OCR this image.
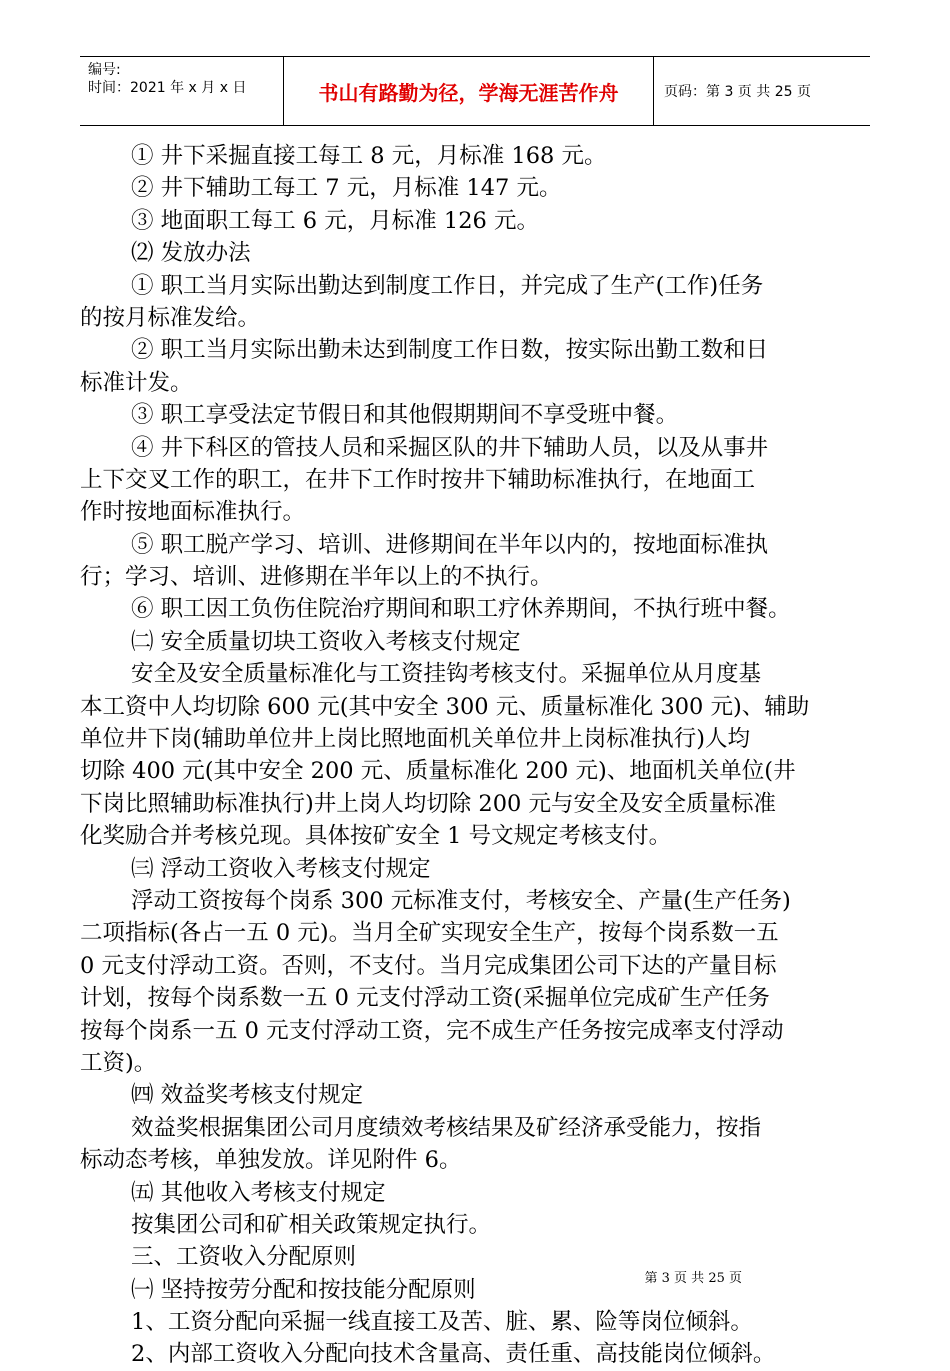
编号:
时间：2021 年 x 月 x 日	书山有路勤为径，学海无涯苦作舟	页码：第 3 页 共 25 页
① 井下采掘直接工每工 8 元，月标准 168 元。
② 井下辅助工每工 7 元，月标准 147 元。
③ 地面职工每工 6 元，月标准 126 元。
⑵ 发放办法
① 职工当月实际出勤达到制度工作日，并完成了生产(工作)任务
的按月标准发给。
② 职工当月实际出勤未达到制度工作日数，按实际出勤工数和日
标准计发。
③ 职工享受法定节假日和其他假期期间不享受班中餐。
④ 井下科区的管技人员和采掘区队的井下辅助人员，以及从事井
上下交叉工作的职工，在井下工作时按井下辅助标准执行，在地面工
作时按地面标准执行。
⑤ 职工脱产学习、培训、进修期间在半年以内的，按地面标准执
行；学习、培训、进修期在半年以上的不执行。
⑥ 职工因工负伤住院治疗期间和职工疗休养期间，不执行班中餐。
㈡ 安全质量切块工资收入考核支付规定
安全及安全质量标准化与工资挂钩考核支付。采掘单位从月度基
本工资中人均切除 600 元(其中安全 300 元、质量标准化 300 元)、辅助
单位井下岗(辅助单位井上岗比照地面机关单位井上岗标准执行)人均
切除 400 元(其中安全 200 元、质量标准化 200 元)、地面机关单位(井
下岗比照辅助标准执行)井上岗人均切除 200 元与安全及安全质量标准
化奖励合并考核兑现。具体按矿安全 1 号文规定考核支付。
㈢ 浮动工资收入考核支付规定
浮动工资按每个岗系 300 元标准支付，考核安全、产量(生产任务)
二项指标(各占一五 0 元)。当月全矿实现安全生产，按每个岗系数一五
0 元支付浮动工资。否则，不支付。当月完成集团公司下达的产量目标
计划，按每个岗系数一五 0 元支付浮动工资(采掘单位完成矿生产任务
按每个岗系一五 0 元支付浮动工资，完不成生产任务按完成率支付浮动
工资)。
㈣ 效益奖考核支付规定
效益奖根据集团公司月度绩效考核结果及矿经济承受能力，按指
标动态考核，单独发放。详见附件 6。
㈤ 其他收入考核支付规定
按集团公司和矿相关政策规定执行。
三、工资收入分配原则
㈠ 坚持按劳分配和按技能分配原则
1、工资分配向采掘一线直接工及苦、脏、累、险等岗位倾斜。
2、内部工资收入分配向技术含量高、责任重、高技能岗位倾斜。
第 3 页 共 25 页
